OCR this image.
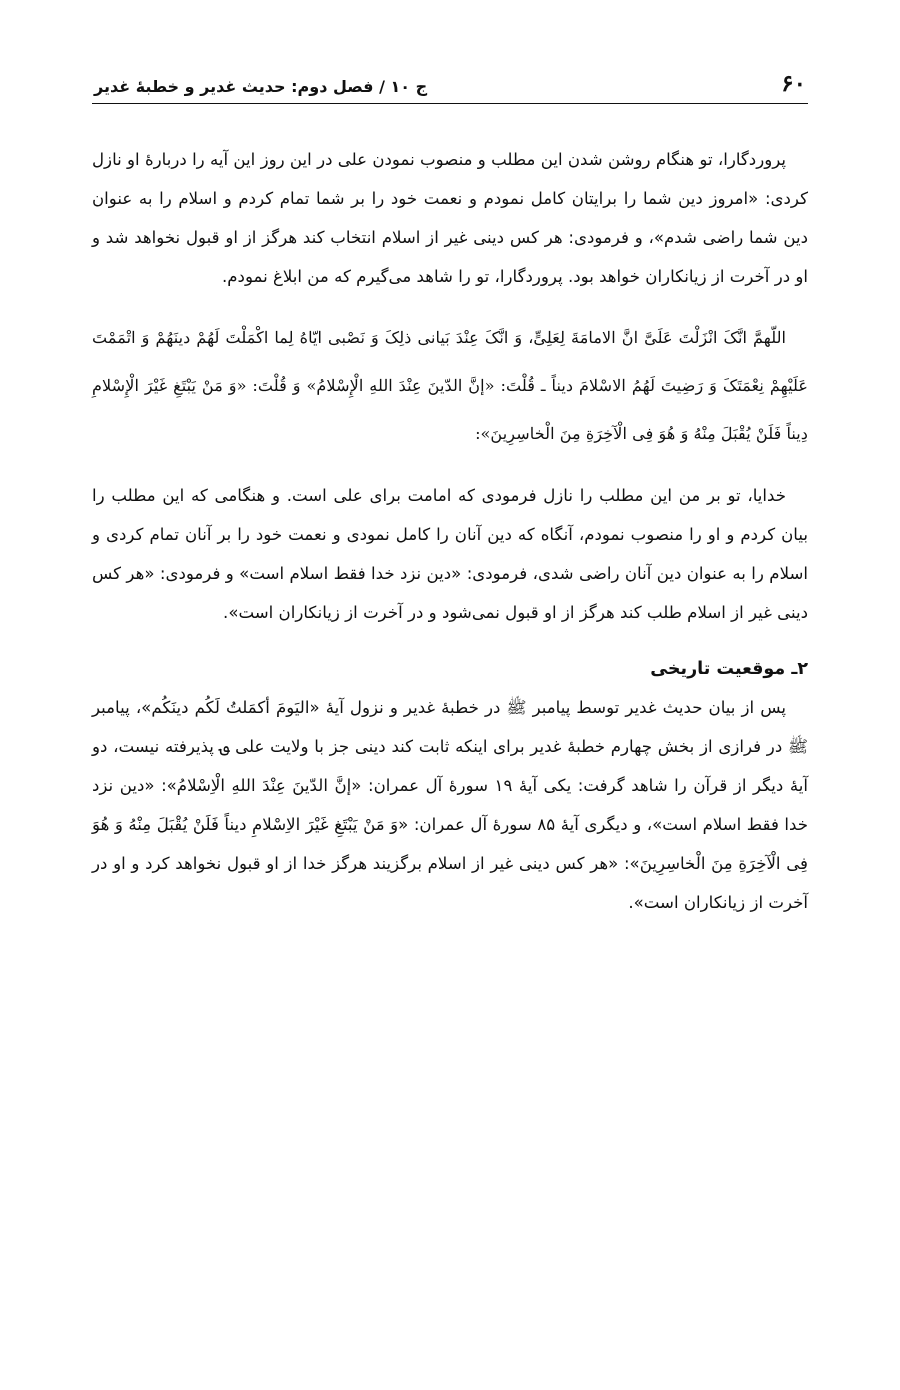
۶۰
ج ۱۰ / فصل دوم: حدیث غدیر و خطبهٔ غدیر

پروردگارا، تو هنگام روشن شدن این مطلب و منصوب نمودن علی در این روز این آیه را دربارهٔ او نازل کردی: «امروز دین شما را برایتان کامل نمودم و نعمت خود را بر شما تمام کردم و اسلام را به عنوان دین شما راضی شدم»، و فرمودی: هر کس دینی غیر از اسلام انتخاب کند هرگز از او قبول نخواهد شد و او در آخرت از زیانکاران خواهد بود. پروردگارا، تو را شاهد می‌گیرم که من ابلاغ نمودم.

اللّهمَّ انَّکَ انْزَلْتَ عَلَیَّ انَّ الامامَةَ لِعَلِیٍّ، وَ انَّکَ عِنْدَ بَیانی ذلِکَ وَ نَصْبی ایّاهُ لِما اکْمَلْتَ لَهُمْ دینَهُمْ وَ اتْمَمْتَ عَلَیْهِمْ نِعْمَتَکَ وَ رَضِیتَ لَهُمُ الاسْلامَ دیناً ـ قُلْتَ: «إنَّ الدّینَ عِنْدَ اللهِ الْإِسْلامُ» وَ قُلْتَ: «وَ مَنْ یَبْتَغِ غَیْرَ الْإِسْلامِ دِیناً فَلَنْ یُقْبَلَ مِنْهُ وَ هُوَ فِی الْآخِرَةِ مِنَ الْخاسِرِینَ»:

خدایا، تو بر من این مطلب را نازل فرمودی که امامت برای علی است. و هنگامی که این مطلب را بیان کردم و او را منصوب نمودم، آنگاه که دین آنان را کامل نمودی و نعمت خود را بر آنان تمام کردی و اسلام را به عنوان دین آنان راضی شدی، فرمودی: «دین نزد خدا فقط اسلام است» و فرمودی: «هر کس دینی غیر از اسلام طلب کند هرگز از او قبول نمی‌شود و در آخرت از زیانکاران است».

۲ـ موقعیت تاریخی

پس از بیان حدیث غدیر توسط پیامبر ﷺ در خطبهٔ غدیر و نزول آیهٔ «الیَومَ أکمَلتُ لَکُم دینَکُم»، پیامبر ﷺ در فرازی از بخش چهارم خطبهٔ غدیر برای اینکه ثابت کند دینی جز با ولایت علی ؈ پذیرفته نیست، دو آیهٔ دیگر از قرآن را شاهد گرفت: یکی آیهٔ ۱۹ سورهٔ آل عمران: «إنَّ الدّینَ عِنْدَ اللهِ الْاِسْلامُ»: «دین نزد خدا فقط اسلام است»، و دیگری آیهٔ ۸۵ سورهٔ آل عمران: «وَ مَنْ یَبْتَغِ غَیْرَ الاِسْلامِ دیناً فَلَنْ یُقْبَلَ مِنْهُ وَ هُوَ فِی الْآخِرَةِ مِنَ الْخاسِرِینَ»: «هر کس دینی غیر از اسلام برگزیند هرگز خدا از او قبول نخواهد کرد و او در آخرت از زیانکاران است».
